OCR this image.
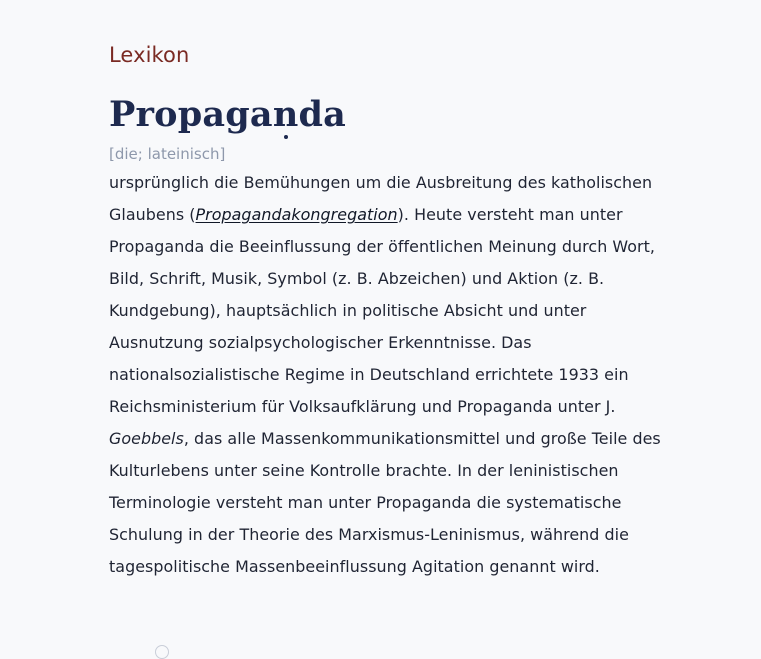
Lexikon
Propaganda

[die; lateinisch]

ursprünglich die Bemühungen um die Ausbreitung des katholischen Glaubens (Propagandakongregation). Heute versteht man unter Propaganda die Beeinflussung der öffentlichen Meinung durch Wort, Bild, Schrift, Musik, Symbol (z. B. Abzeichen) und Aktion (z. B. Kundgebung), hauptsächlich in politische Absicht und unter Ausnutzung sozialpsychologischer Erkenntnisse. Das nationalsozialistische Regime in Deutschland errichtete 1933 ein Reichsministerium für Volksaufklärung und Propaganda unter J. Goebbels, das alle Massenkommunikationsmittel und große Teile des Kulturlebens unter seine Kontrolle brachte. In der leninistischen Terminologie versteht man unter Propaganda die systematische Schulung in der Theorie des Marxismus-Leninismus, während die tagespolitische Massenbeeinflussung Agitation genannt wird.
